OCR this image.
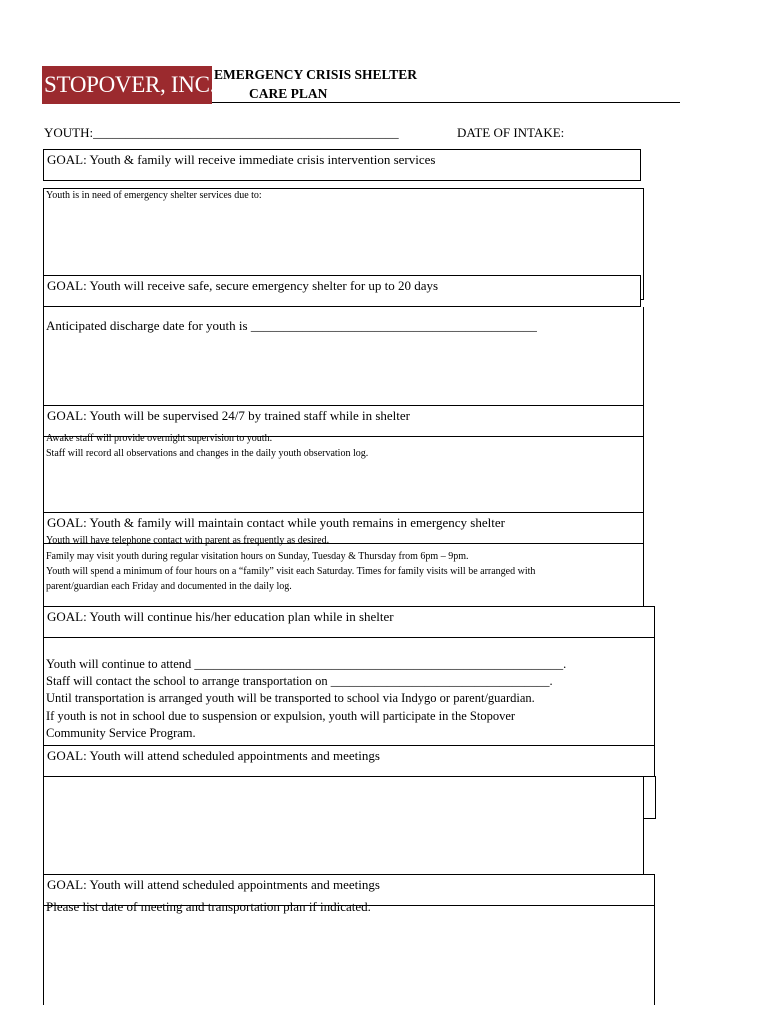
STOPOVER, INC.
EMERGENCY CRISIS SHELTER
CARE PLAN
YOUTH:_______________________________________________	DATE OF INTAKE:
GOAL: Youth & family will receive immediate crisis intervention services
Youth is in need of emergency shelter services due to:
GOAL: Youth will receive safe, secure emergency shelter for up to 20 days
Anticipated discharge date for youth is ____________________________________________
GOAL: Youth will be supervised 24/7 by trained staff while in shelter
Awake staff will provide overnight supervision to youth.
Staff will record all observations and changes in the daily youth observation log.
GOAL: Youth & family will maintain contact while youth remains in emergency shelter
Youth will have telephone contact with parent as frequently as desired.
Family may visit youth during regular visitation hours on Sunday, Tuesday & Thursday from 6pm – 9pm.
Youth will spend a minimum of four hours on a “family” visit each Saturday. Times for family visits will be arranged with
parent/guardian each Friday and documented in the daily log.
GOAL: Youth will continue his/her education plan while in shelter
Youth will continue to attend ___________________________________________________________.
Staff will contact the school to arrange transportation on ___________________________________.
Until transportation is arranged youth will be transported to school via Indygo or parent/guardian.
If youth is not in school due to suspension or expulsion, youth will participate in the Stopover
Community Service Program.
GOAL: Youth will attend scheduled appointments and meetings
GOAL: Youth will attend scheduled appointments and meetings
Please list date of meeting and transportation plan if indicated.
